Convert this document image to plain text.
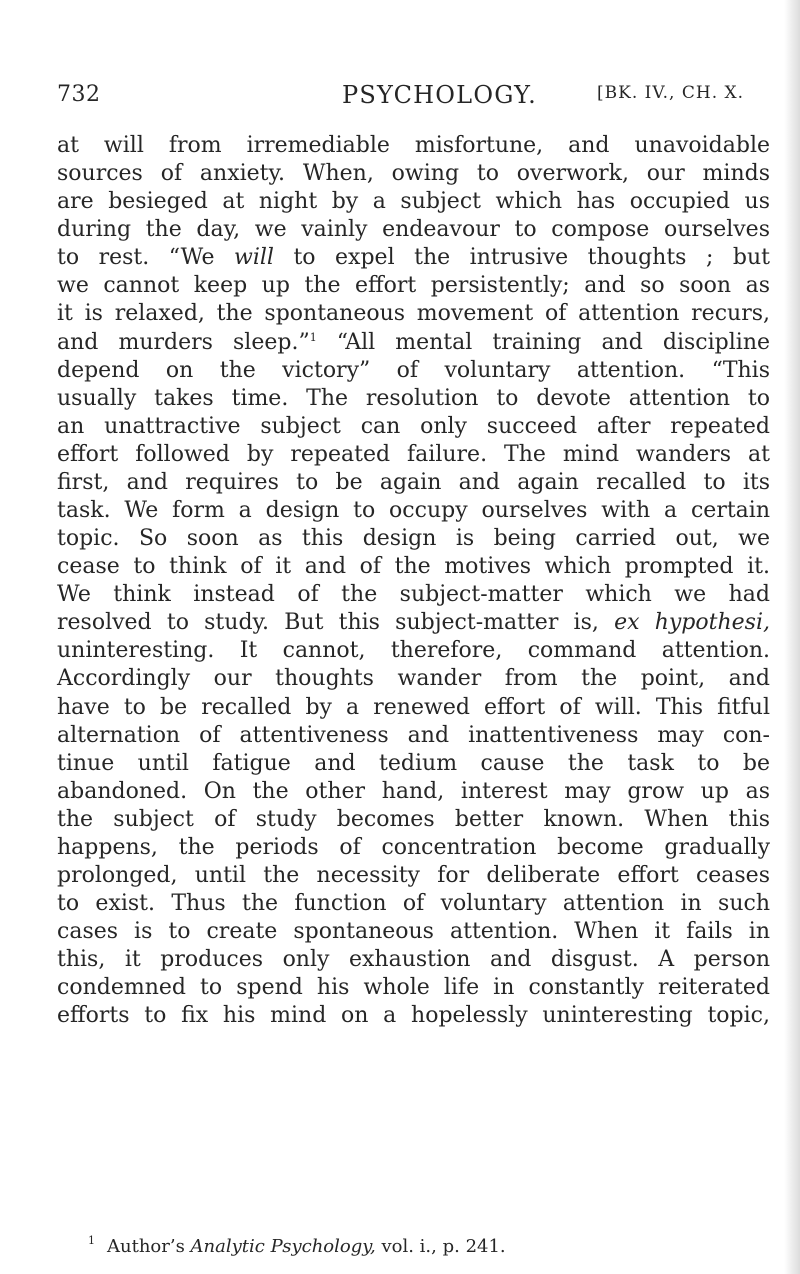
732	PSYCHOLOGY.	[BK. IV., CH. X.
at will from irremediable misfortune, and unavoidable
sources of anxiety. When, owing to overwork, our minds
are besieged at night by a subject which has occupied us
during the day, we vainly endeavour to compose ourselves
to rest. “We will to expel the intrusive thoughts ; but
we cannot keep up the effort persistently; and so soon as
it is relaxed, the spontaneous movement of attention recurs,
and murders sleep.”$^1$ “All mental training and discipline
depend on the victory” of voluntary attention. “This
usually takes time. The resolution to devote attention to
an unattractive subject can only succeed after repeated
effort followed by repeated failure. The mind wanders at
first, and requires to be again and again recalled to its
task. We form a design to occupy ourselves with a certain
topic. So soon as this design is being carried out, we
cease to think of it and of the motives which prompted it.
We think instead of the subject-matter which we had
resolved to study. But this subject-matter is, ex hypothesi,
uninteresting. It cannot, therefore, command attention.
Accordingly our thoughts wander from the point, and
have to be recalled by a renewed effort of will. This fitful
alternation of attentiveness and inattentiveness may con-
tinue until fatigue and tedium cause the task to be
abandoned. On the other hand, interest may grow up as
the subject of study becomes better known. When this
happens, the periods of concentration become gradually
prolonged, until the necessity for deliberate effort ceases
to exist. Thus the function of voluntary attention in such
cases is to create spontaneous attention. When it fails in
this, it produces only exhaustion and disgust. A person
condemned to spend his whole life in constantly reiterated
efforts to fix his mind on a hopelessly uninteresting topic,
$^1$ Author’s Analytic Psychology, vol. i., p. 241.
